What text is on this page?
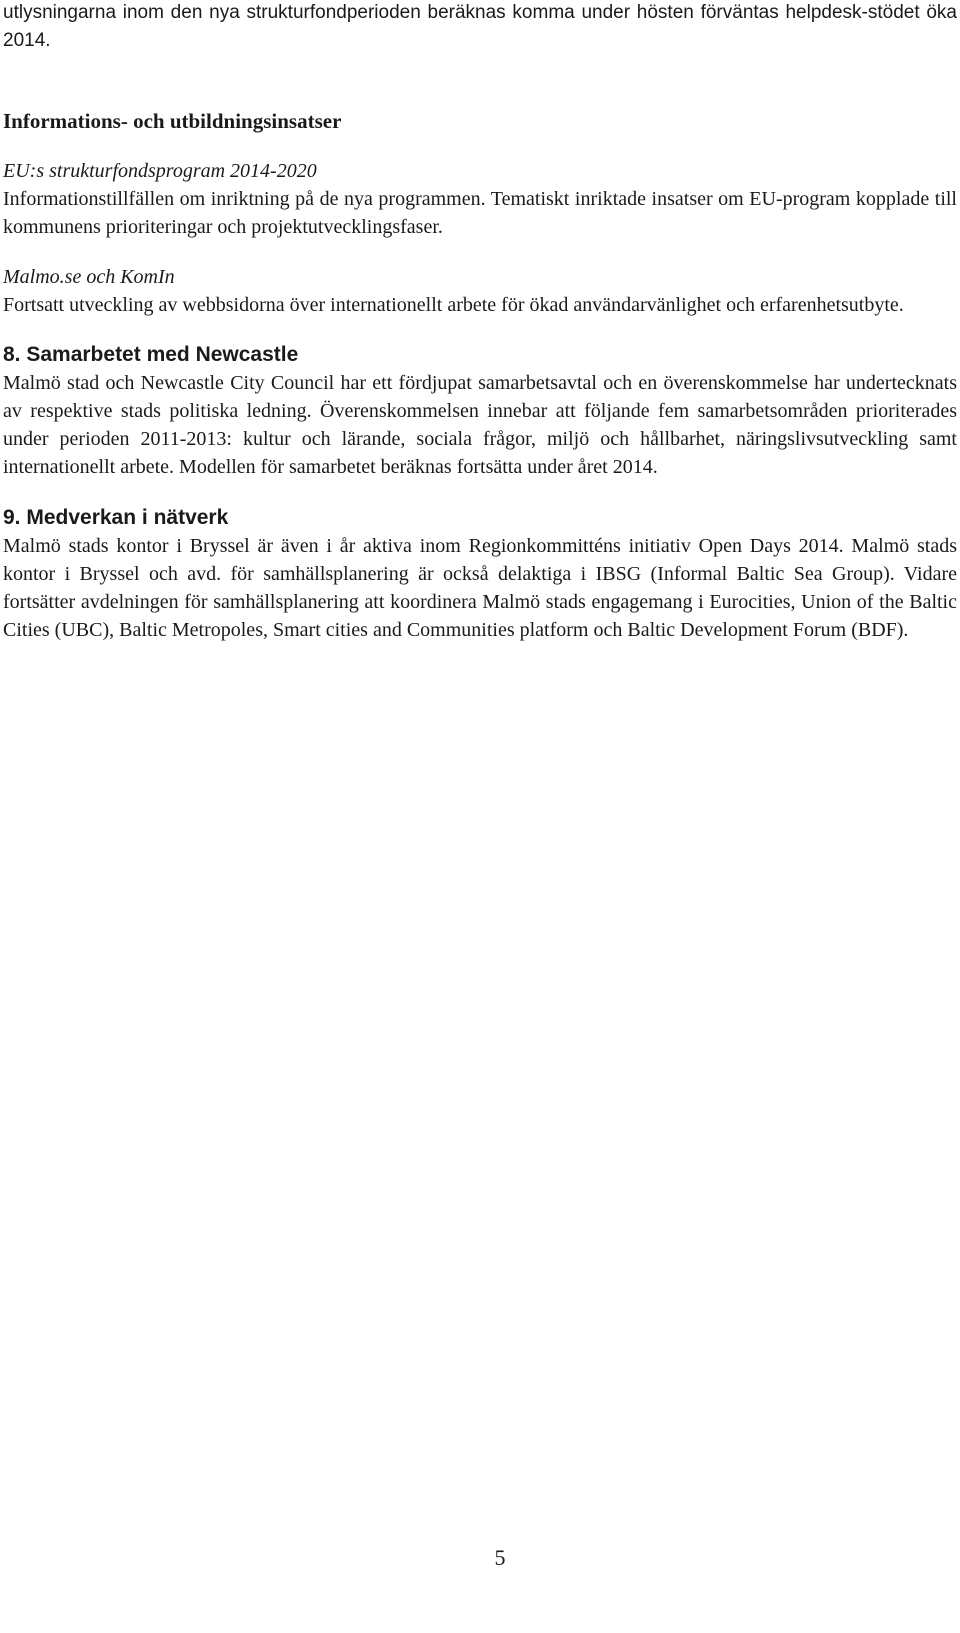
utlysningarna inom den nya strukturfondperioden beräknas komma under hösten förväntas helpdesk-stödet öka 2014.

Informations- och utbildningsinsatser

EU:s strukturfondsprogram 2014-2020

Informationstillfällen om inriktning på de nya programmen. Tematiskt inriktade insatser om EU-program kopplade till kommunens prioriteringar och projektutvecklingsfaser.

Malmo.se och KomIn

Fortsatt utveckling av webbsidorna över internationellt arbete för ökad användarvänlighet och erfarenhetsutbyte.

8. Samarbetet med Newcastle

Malmö stad och Newcastle City Council har ett fördjupat samarbetsavtal och en överenskommelse har undertecknats av respektive stads politiska ledning. Överenskommelsen innebar att följande fem samarbetsområden prioriterades under perioden 2011-2013: kultur och lärande, sociala frågor, miljö och hållbarhet, näringslivsutveckling samt internationellt arbete. Modellen för samarbetet beräknas fortsätta under året 2014.

9. Medverkan i nätverk

Malmö stads kontor i Bryssel är även i år aktiva inom Regionkommitténs initiativ Open Days 2014. Malmö stads kontor i Bryssel och avd. för samhällsplanering är också delaktiga i IBSG (Informal Baltic Sea Group). Vidare fortsätter avdelningen för samhällsplanering att koordinera Malmö stads engagemang i Eurocities, Union of the Baltic Cities (UBC), Baltic Metropoles, Smart cities and Communities platform och Baltic Development Forum (BDF).

5
